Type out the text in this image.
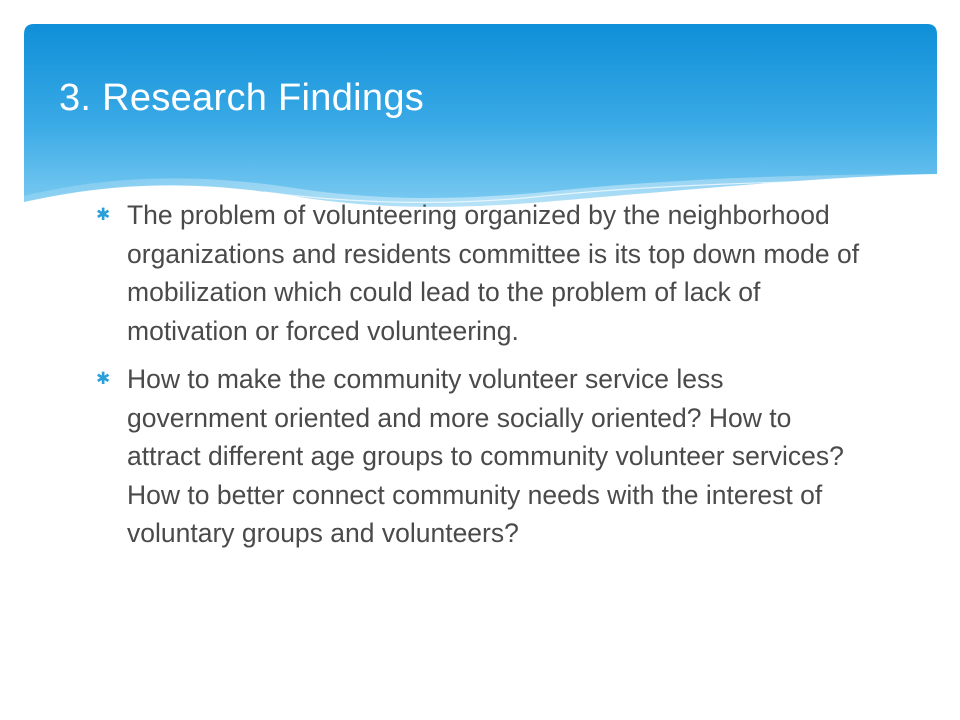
3. Research Findings
✱ The problem of volunteering organized by the neighborhood organizations and residents committee is its top down mode of mobilization which could lead to the problem of lack of motivation or forced volunteering.
✱ How to make the community volunteer service less government oriented and more socially oriented? How to attract different age groups to community volunteer services? How to better connect community needs with the interest of voluntary groups and volunteers?
